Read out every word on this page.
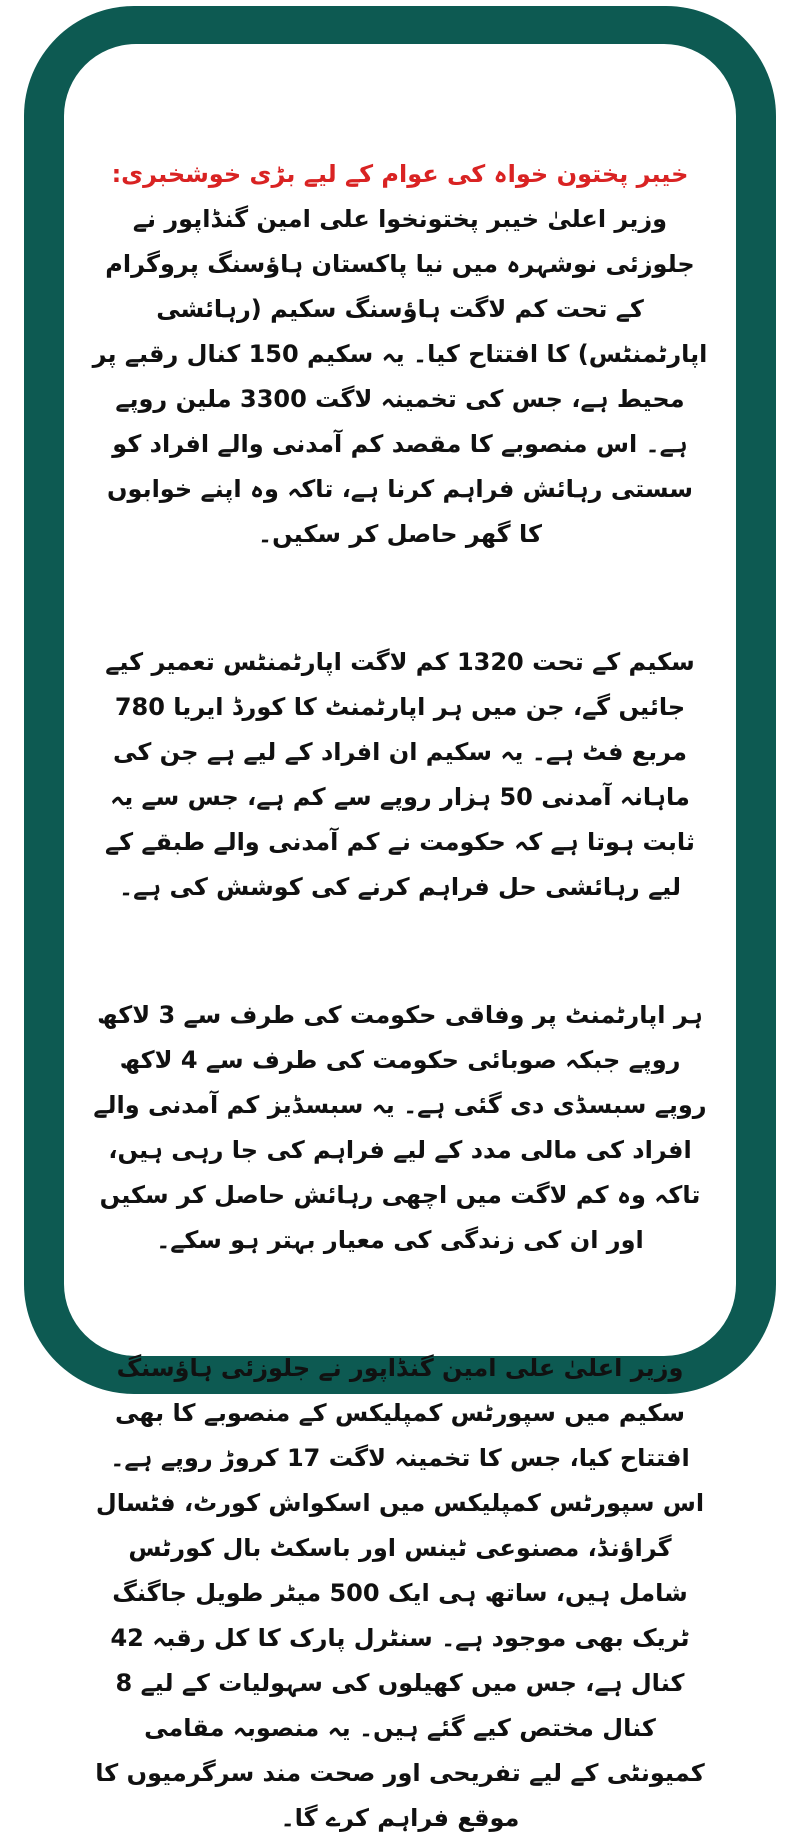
خیبر پختون خواہ کی عوام کے لیے بڑی خوشخبری: وزیر اعلیٰ خیبر پختونخوا علی امین گنڈاپور نے جلوزئی نوشہرہ میں نیا پاکستان ہاؤسنگ پروگرام کے تحت کم لاگت ہاؤسنگ سکیم (رہائشی اپارٹمنٹس) کا افتتاح کیا۔ یہ سکیم 150 کنال رقبے پر محیط ہے، جس کی تخمینہ لاگت 3300 ملین روپے ہے۔ اس منصوبے کا مقصد کم آمدنی والے افراد کو سستی رہائش فراہم کرنا ہے، تاکہ وہ اپنے خوابوں کا گھر حاصل کر سکیں۔

سکیم کے تحت 1320 کم لاگت اپارٹمنٹس تعمیر کیے جائیں گے، جن میں ہر اپارٹمنٹ کا کورڈ ایریا 780 مربع فٹ ہے۔ یہ سکیم ان افراد کے لیے ہے جن کی ماہانہ آمدنی 50 ہزار روپے سے کم ہے، جس سے یہ ثابت ہوتا ہے کہ حکومت نے کم آمدنی والے طبقے کے لیے رہائشی حل فراہم کرنے کی کوشش کی ہے۔

ہر اپارٹمنٹ پر وفاقی حکومت کی طرف سے 3 لاکھ روپے جبکہ صوبائی حکومت کی طرف سے 4 لاکھ روپے سبسڈی دی گئی ہے۔ یہ سبسڈیز کم آمدنی والے افراد کی مالی مدد کے لیے فراہم کی جا رہی ہیں، تاکہ وہ کم لاگت میں اچھی رہائش حاصل کر سکیں اور ان کی زندگی کی معیار بہتر ہو سکے۔

وزیر اعلیٰ علی امین گنڈاپور نے جلوزئی ہاؤسنگ سکیم میں سپورٹس کمپلیکس کے منصوبے کا بھی افتتاح کیا، جس کا تخمینہ لاگت 17 کروڑ روپے ہے۔ اس سپورٹس کمپلیکس میں اسکواش کورٹ، فٹسال گراؤنڈ، مصنوعی ٹینس اور باسکٹ بال کورٹس شامل ہیں، ساتھ ہی ایک 500 میٹر طویل جاگنگ ٹریک بھی موجود ہے۔ سنٹرل پارک کا کل رقبہ 42 کنال ہے، جس میں کھیلوں کی سہولیات کے لیے 8 کنال مختص کیے گئے ہیں۔ یہ منصوبہ مقامی کمیونٹی کے لیے تفریحی اور صحت مند سرگرمیوں کا موقع فراہم کرے گا۔
